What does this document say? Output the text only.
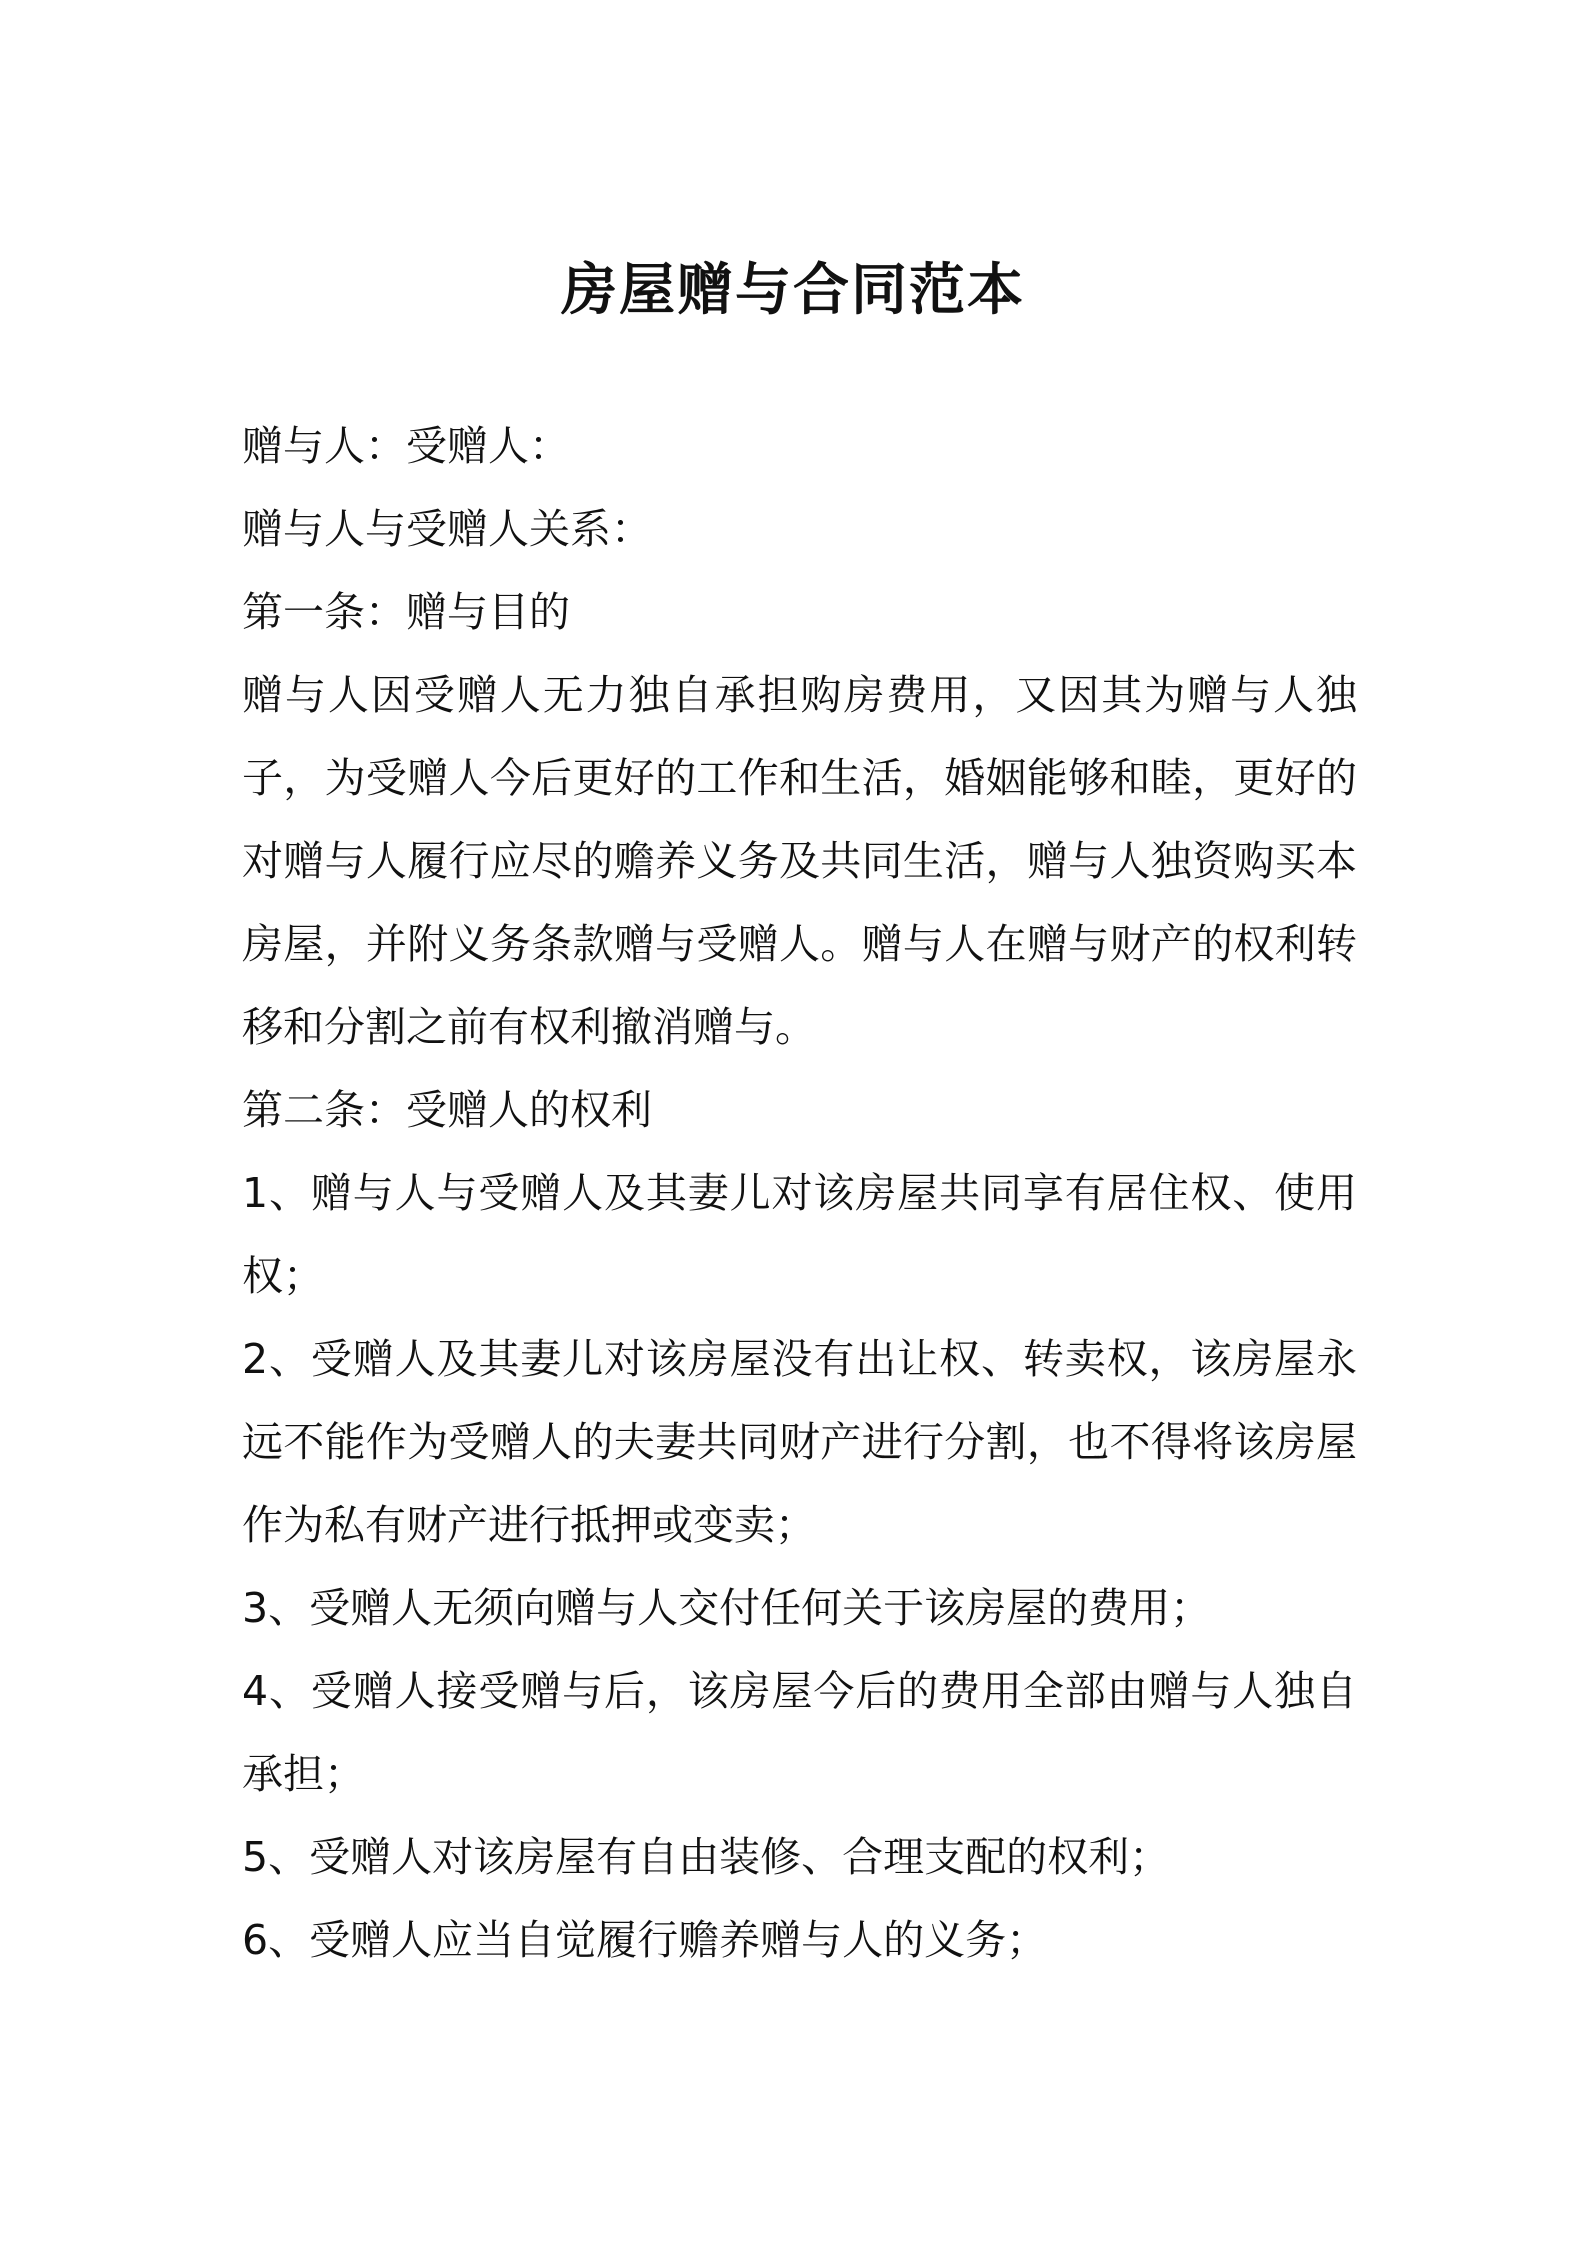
房屋赠与合同范本

赠与人：受赠人：

赠与人与受赠人关系：

第一条：赠与目的

赠与人因受赠人无力独自承担购房费用，又因其为赠与人独子，为受赠人今后更好的工作和生活，婚姻能够和睦，更好的对赠与人履行应尽的赡养义务及共同生活，赠与人独资购买本房屋，并附义务条款赠与受赠人。赠与人在赠与财产的权利转移和分割之前有权利撤消赠与。

第二条：受赠人的权利

1、赠与人与受赠人及其妻儿对该房屋共同享有居住权、使用权；

2、受赠人及其妻儿对该房屋没有出让权、转卖权，该房屋永远不能作为受赠人的夫妻共同财产进行分割，也不得将该房屋作为私有财产进行抵押或变卖；

3、受赠人无须向赠与人交付任何关于该房屋的费用；

4、受赠人接受赠与后，该房屋今后的费用全部由赠与人独自承担；

5、受赠人对该房屋有自由装修、合理支配的权利；

6、受赠人应当自觉履行赡养赠与人的义务；
